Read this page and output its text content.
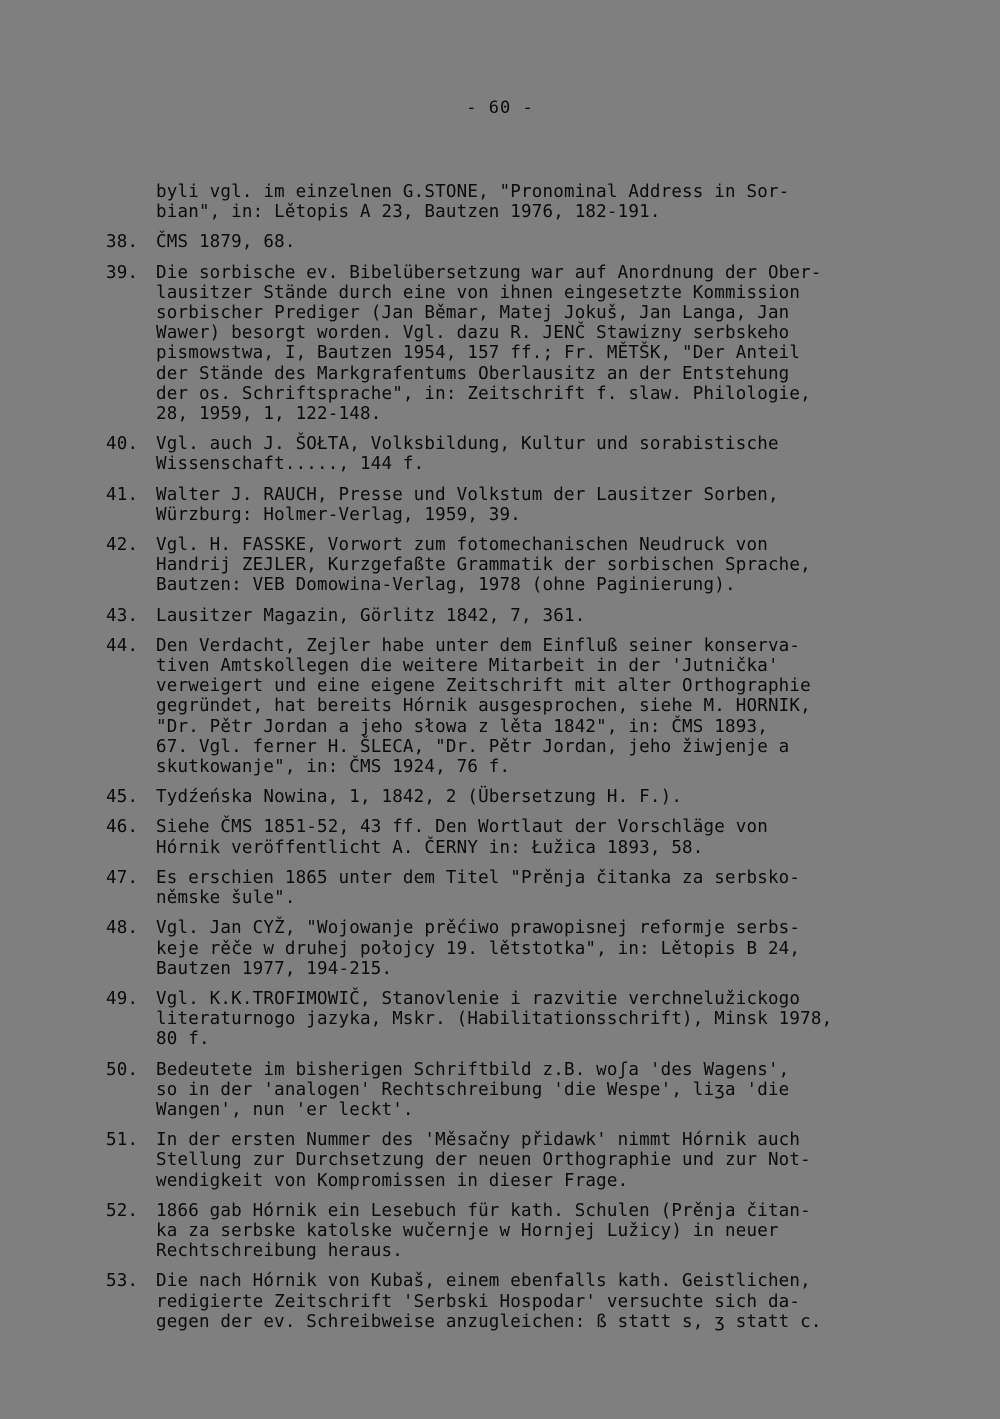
- 60 -
byli vgl. im einzelnen G.STONE, "Pronominal Address in Sor-
bian", in: Lětopis A 23, Bautzen 1976, 182-191.
38.	ČMS 1879, 68.
39.	Die sorbische ev. Bibelübersetzung war auf Anordnung der Ober-
lausitzer Stände durch eine von ihnen eingesetzte Kommission
sorbischer Prediger (Jan Běmar, Matej Jokuš, Jan Langa, Jan
Wawer) besorgt worden. Vgl. dazu R. JENČ Stawizny serbskeho
pismowstwa, I, Bautzen 1954, 157 ff.; Fr. MĚTŠK, "Der Anteil
der Stände des Markgrafentums Oberlausitz an der Entstehung
der os. Schriftsprache", in: Zeitschrift f. slaw. Philologie,
28, 1959, 1, 122-148.
40.	Vgl. auch J. ŠOŁTA, Volksbildung, Kultur und sorabistische
Wissenschaft....., 144 f.
41.	Walter J. RAUCH, Presse und Volkstum der Lausitzer Sorben,
Würzburg: Holmer-Verlag, 1959, 39.
42.	Vgl. H. FASSKE, Vorwort zum fotomechanischen Neudruck von
Handrij ZEJLER, Kurzgefaßte Grammatik der sorbischen Sprache,
Bautzen: VEB Domowina-Verlag, 1978 (ohne Paginierung).
43.	Lausitzer Magazin, Görlitz 1842, 7, 361.
44.	Den Verdacht, Zejler habe unter dem Einfluß seiner konserva-
tiven Amtskollegen die weitere Mitarbeit in der 'Jutnička'
verweigert und eine eigene Zeitschrift mit alter Orthographie
gegründet, hat bereits Hórnik ausgesprochen, siehe M. HORNIK,
"Dr. Pětr Jordan a jeho słowa z lěta 1842", in: ČMS 1893,
67. Vgl. ferner H. ŠLECA, "Dr. Pětr Jordan, jeho žiwjenje a
skutkowanje", in: ČMS 1924, 76 f.
45.	Tydźeńska Nowina, 1, 1842, 2 (Übersetzung H. F.).
46.	Siehe ČMS 1851-52, 43 ff. Den Wortlaut der Vorschläge von
Hórnik veröffentlicht A. ČERNY in: Łužica 1893, 58.
47.	Es erschien 1865 unter dem Titel "Prěnja čitanka za serbsko-
němske šule".
48.	Vgl. Jan CYŽ, "Wojowanje prěćiwo prawopisnej reformje serbs-
keje rěče w druhej połojcy 19. lětstotka", in: Lětopis B 24,
Bautzen 1977, 194-215.
49.	Vgl. K.K.TROFIMOWIČ, Stanovlenie i razvitie verchnelužickogo
literaturnogo jazyka, Mskr. (Habilitationsschrift), Minsk 1978,
80 f.
50.	Bedeutete im bisherigen Schriftbild z.B. woʃa 'des Wagens',
so in der 'analogen' Rechtschreibung 'die Wespe', liʒa 'die
Wangen', nun 'er leckt'.
51.	In der ersten Nummer des 'Měsačny přidawk' nimmt Hórnik auch
Stellung zur Durchsetzung der neuen Orthographie und zur Not-
wendigkeit von Kompromissen in dieser Frage.
52.	1866 gab Hórnik ein Lesebuch für kath. Schulen (Prěnja čitan-
ka za serbske katolske wučernje w Hornjej Lužicy) in neuer
Rechtschreibung heraus.
53.	Die nach Hórnik von Kubaš, einem ebenfalls kath. Geistlichen,
redigierte Zeitschrift 'Serbski Hospodar' versuchte sich da-
gegen der ev. Schreibweise anzugleichen: ß statt s, ʒ statt c.
